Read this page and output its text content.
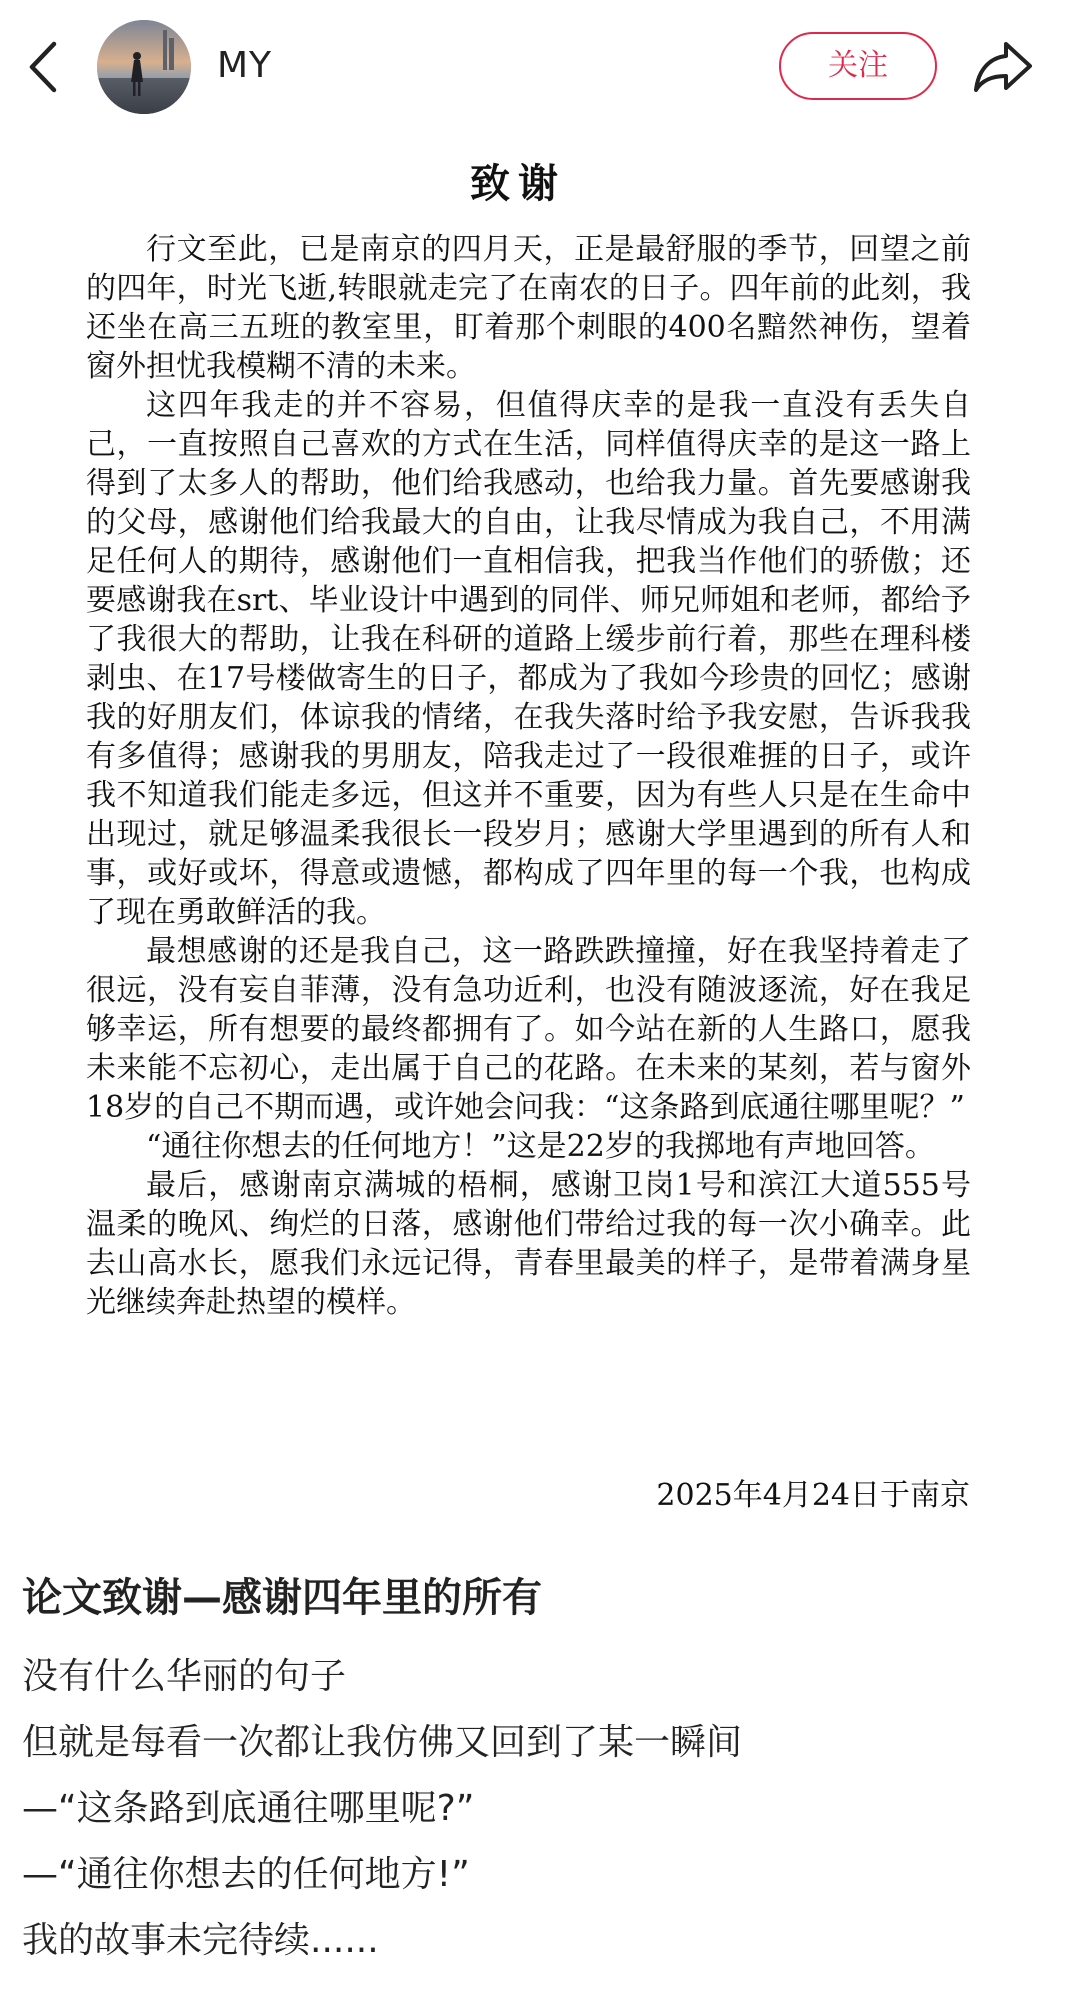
MY	关注
致谢

行文至此，已是南京的四月天，正是最舒服的季节，回望之前的四年，时光飞逝,转眼就走完了在南农的日子。四年前的此刻，我还坐在高三五班的教室里，盯着那个刺眼的400名黯然神伤，望着窗外担忧我模糊不清的未来。

这四年我走的并不容易，但值得庆幸的是我一直没有丢失自己，一直按照自己喜欢的方式在生活，同样值得庆幸的是这一路上得到了太多人的帮助，他们给我感动，也给我力量。首先要感谢我的父母，感谢他们给我最大的自由，让我尽情成为我自己，不用满足任何人的期待，感谢他们一直相信我，把我当作他们的骄傲；还要感谢我在srt、毕业设计中遇到的同伴、师兄师姐和老师，都给予了我很大的帮助，让我在科研的道路上缓步前行着，那些在理科楼剥虫、在17号楼做寄生的日子，都成为了我如今珍贵的回忆；感谢我的好朋友们，体谅我的情绪，在我失落时给予我安慰，告诉我我有多值得；感谢我的男朋友，陪我走过了一段很难捱的日子，或许我不知道我们能走多远，但这并不重要，因为有些人只是在生命中出现过，就足够温柔我很长一段岁月；感谢大学里遇到的所有人和事，或好或坏，得意或遗憾，都构成了四年里的每一个我，也构成了现在勇敢鲜活的我。

最想感谢的还是我自己，这一路跌跌撞撞，好在我坚持着走了很远，没有妄自菲薄，没有急功近利，也没有随波逐流，好在我足够幸运，所有想要的最终都拥有了。如今站在新的人生路口，愿我未来能不忘初心，走出属于自己的花路。在未来的某刻，若与窗外18岁的自己不期而遇，或许她会问我：“这条路到底通往哪里呢？”

“通往你想去的任何地方！”这是22岁的我掷地有声地回答。

最后，感谢南京满城的梧桐，感谢卫岗1号和滨江大道555号温柔的晚风、绚烂的日落，感谢他们带给过我的每一次小确幸。此去山高水长，愿我们永远记得，青春里最美的样子，是带着满身星光继续奔赴热望的模样。

2025年4月24日于南京
论文致谢—感谢四年里的所有

没有什么华丽的句子

但就是每看一次都让我仿佛又回到了某一瞬间

—“这条路到底通往哪里呢?”

—“通往你想去的任何地方!”

我的故事未完待续......
